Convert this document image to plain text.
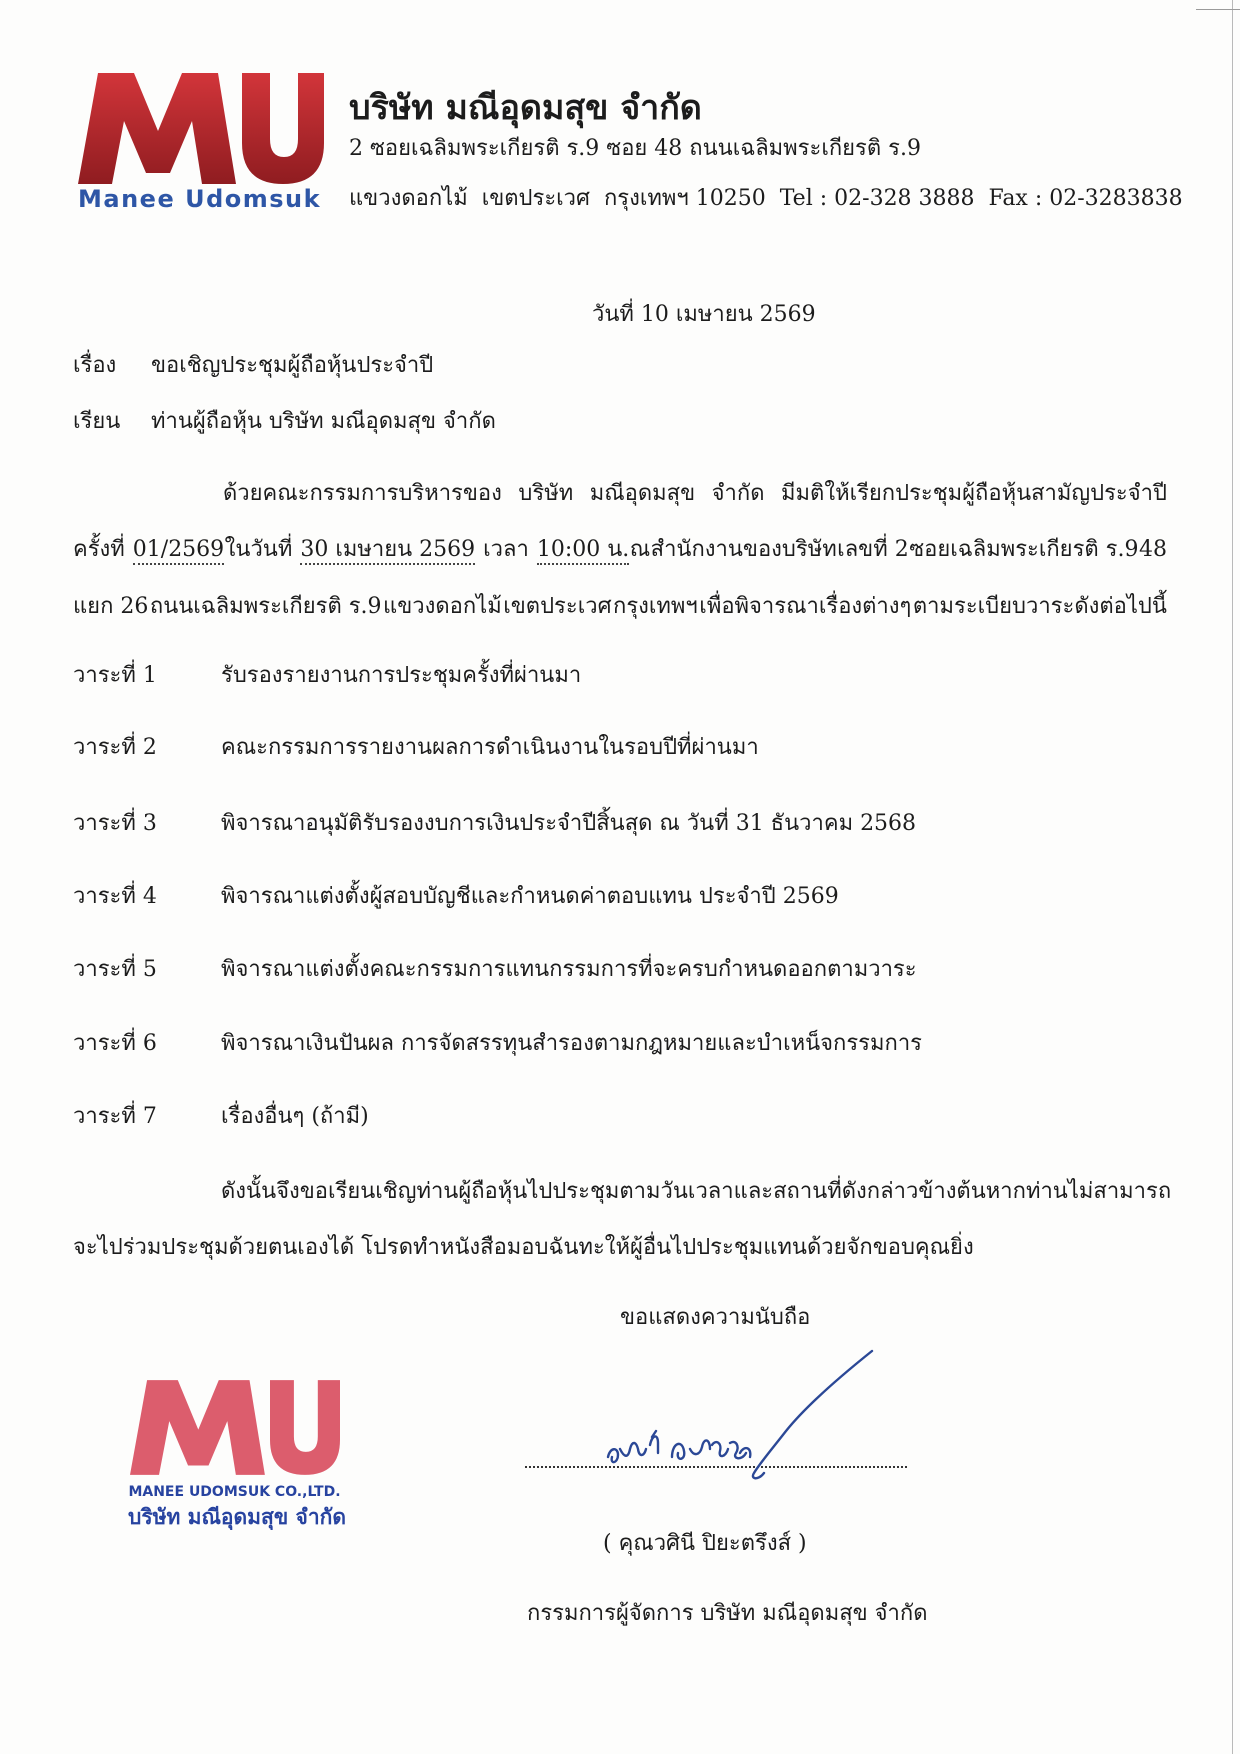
Manee Udomsuk
บริษัท มณีอุดมสุข จำกัด
2 ซอยเฉลิมพระเกียรติ ร.9 ซอย 48 ถนนเฉลิมพระเกียรติ ร.9
แขวงดอกไม้ เขตประเวศ กรุงเทพฯ 10250 Tel : 02-328 3888 Fax : 02-3283838
วันที่ 10 เมษายน 2569
เรื่อง ขอเชิญประชุมผู้ถือหุ้นประจำปี
เรียน ท่านผู้ถือหุ้น บริษัท มณีอุดมสุข จำกัด
ด้วยคณะกรรมการบริหารของ บริษัท มณีอุดมสุข จำกัด มีมติให้เรียกประชุมผู้ถือหุ้นสามัญประจำปี
ครั้งที่ 01/2569 ในวันที่ 30 เมษายน 2569 เวลา 10:00 น. ณ สำนักงานของบริษัท เลขที่ 2 ซอยเฉลิมพระเกียรติ ร.9 48
แยก 26 ถนนเฉลิมพระเกียรติ ร.9 แขวงดอกไม้ เขตประเวศ กรุงเทพฯ เพื่อพิจารณาเรื่องต่างๆ ตามระเบียบวาระดังต่อไปนี้
วาระที่ 1	รับรองรายงานการประชุมครั้งที่ผ่านมา
วาระที่ 2	คณะกรรมการรายงานผลการดำเนินงานในรอบปีที่ผ่านมา
วาระที่ 3	พิจารณาอนุมัติรับรองงบการเงินประจำปีสิ้นสุด ณ วันที่ 31 ธันวาคม 2568
วาระที่ 4	พิจารณาแต่งตั้งผู้สอบบัญชีและกำหนดค่าตอบแทน ประจำปี 2569
วาระที่ 5	พิจารณาแต่งตั้งคณะกรรมการแทนกรรมการที่จะครบกำหนดออกตามวาระ
วาระที่ 6	พิจารณาเงินปันผล การจัดสรรทุนสำรองตามกฎหมายและบำเหน็จกรรมการ
วาระที่ 7	เรื่องอื่นๆ (ถ้ามี)
ดังนั้น จึงขอเรียนเชิญท่านผู้ถือหุ้นไปประชุมตามวัน เวลา และสถานที่ดังกล่าวข้างต้น หากท่านไม่สามารถ
จะไปร่วมประชุมด้วยตนเองได้ โปรดทำหนังสือมอบฉันทะให้ผู้อื่นไปประชุมแทนด้วยจักขอบคุณยิ่ง
ขอแสดงความนับถือ
MANEE UDOMSUK CO.,LTD.
บริษัท มณีอุดมสุข จำกัด
( คุณวศินี ปิยะตรึงส์ )
กรรมการผู้จัดการ บริษัท มณีอุดมสุข จำกัด
